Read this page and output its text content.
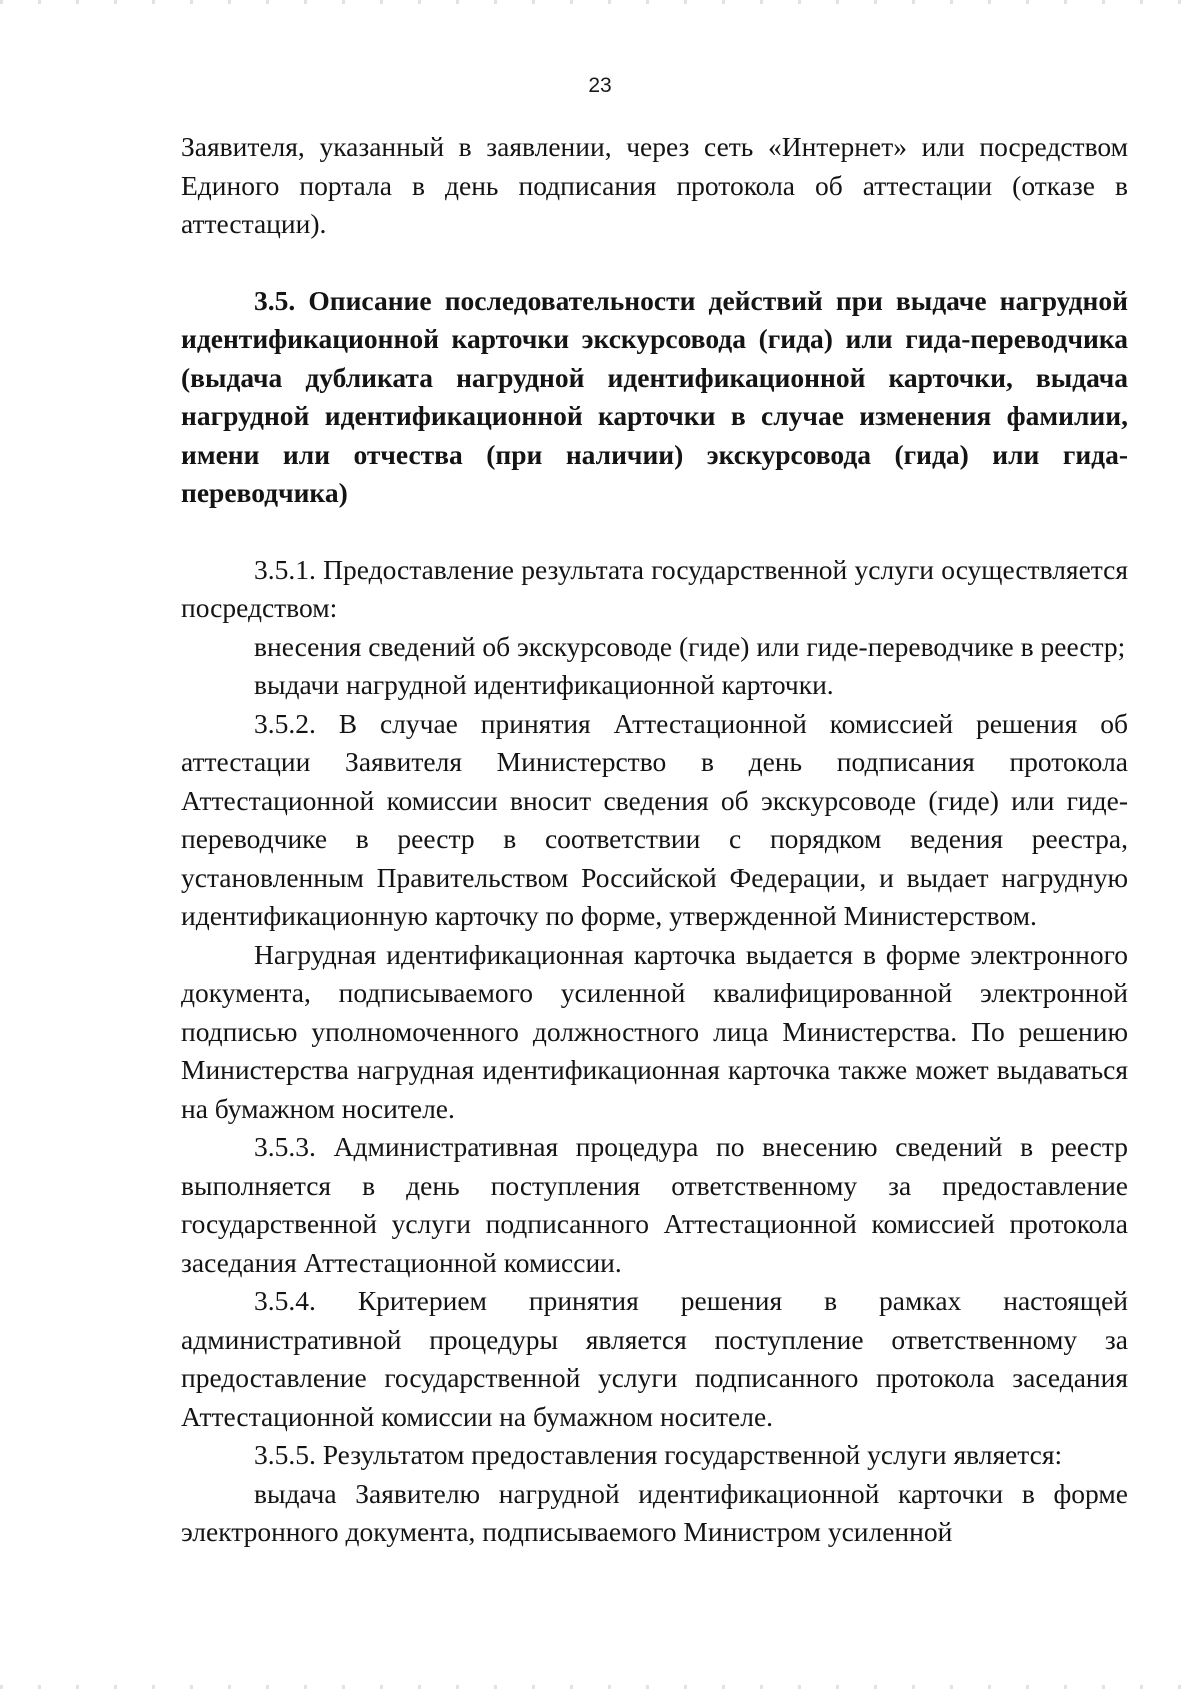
23

Заявителя, указанный в заявлении, через сеть «Интернет» или посредством Единого портала в день подписания протокола об аттестации (отказе в аттестации).

3.5. Описание последовательности действий при выдаче нагрудной идентификационной карточки экскурсовода (гида) или гида-переводчика (выдача дубликата нагрудной идентификационной карточки, выдача нагрудной идентификационной карточки в случае изменения фамилии, имени или отчества (при наличии) экскурсовода (гида) или гида-переводчика)

3.5.1. Предоставление результата государственной услуги осуществляется посредством:

внесения сведений об экскурсоводе (гиде) или гиде-переводчике в реестр;

выдачи нагрудной идентификационной карточки.

3.5.2. В случае принятия Аттестационной комиссией решения об аттестации Заявителя Министерство в день подписания протокола Аттестационной комиссии вносит сведения об экскурсоводе (гиде) или гиде-переводчике в реестр в соответствии с порядком ведения реестра, установленным Правительством Российской Федерации, и выдает нагрудную идентификационную карточку по форме, утвержденной Министерством.

Нагрудная идентификационная карточка выдается в форме электронного документа, подписываемого усиленной квалифицированной электронной подписью уполномоченного должностного лица Министерства. По решению Министерства нагрудная идентификационная карточка также может выдаваться на бумажном носителе.

3.5.3. Административная процедура по внесению сведений в реестр выполняется в день поступления ответственному за предоставление государственной услуги подписанного Аттестационной комиссией протокола заседания Аттестационной комиссии.

3.5.4. Критерием принятия решения в рамках настоящей административной процедуры является поступление ответственному за предоставление государственной услуги подписанного протокола заседания Аттестационной комиссии на бумажном носителе.

3.5.5. Результатом предоставления государственной услуги является:

выдача Заявителю нагрудной идентификационной карточки в форме электронного документа, подписываемого Министром усиленной
